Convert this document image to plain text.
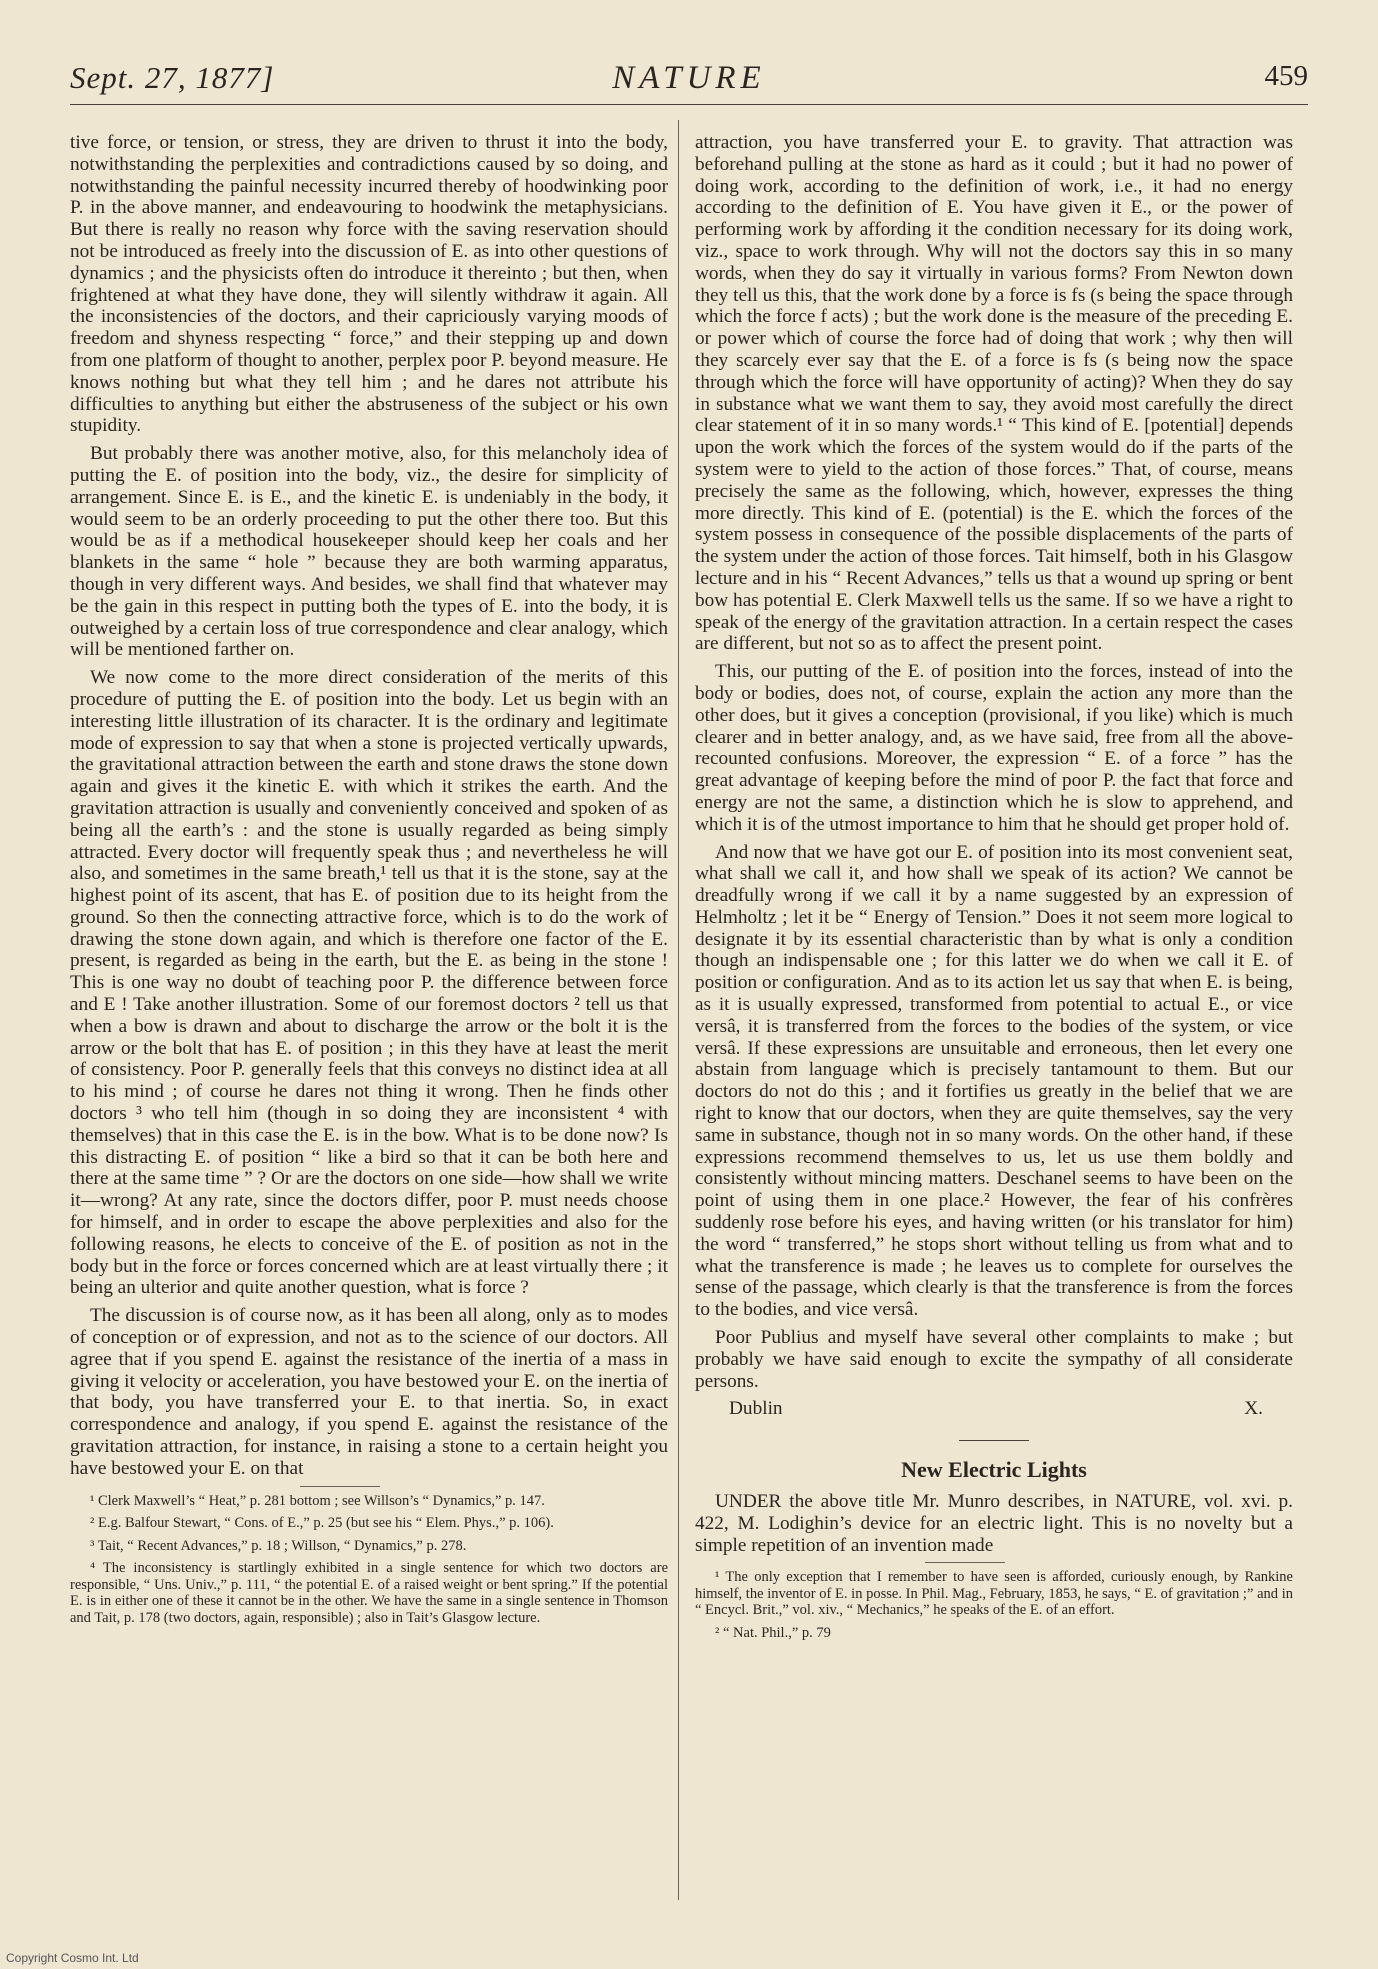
Sept. 27, 1877]	NATURE	459

tive force, or tension, or stress, they are driven to thrust it into the body, notwithstanding the perplexities and contradictions caused by so doing, and notwithstanding the painful necessity incurred thereby of hoodwinking poor P. in the above manner, and endeavouring to hoodwink the metaphysicians. But there is really no reason why force with the saving reservation should not be introduced as freely into the discussion of E. as into other questions of dynamics ; and the physicists often do introduce it thereinto ; but then, when frightened at what they have done, they will silently withdraw it again. All the inconsistencies of the doctors, and their capriciously varying moods of freedom and shyness respecting “ force,” and their stepping up and down from one platform of thought to another, perplex poor P. beyond measure. He knows nothing but what they tell him ; and he dares not attribute his difficulties to anything but either the abstruseness of the subject or his own stupidity.

But probably there was another motive, also, for this melancholy idea of putting the E. of position into the body, viz., the desire for simplicity of arrangement. Since E. is E., and the kinetic E. is undeniably in the body, it would seem to be an orderly proceeding to put the other there too. But this would be as if a methodical housekeeper should keep her coals and her blankets in the same “ hole ” because they are both warming apparatus, though in very different ways. And besides, we shall find that whatever may be the gain in this respect in putting both the types of E. into the body, it is outweighed by a certain loss of true correspondence and clear analogy, which will be mentioned farther on.

We now come to the more direct consideration of the merits of this procedure of putting the E. of position into the body. Let us begin with an interesting little illustration of its character. It is the ordinary and legitimate mode of expression to say that when a stone is projected vertically upwards, the gravitational attraction between the earth and stone draws the stone down again and gives it the kinetic E. with which it strikes the earth. And the gravitation attraction is usually and conveniently conceived and spoken of as being all the earth’s : and the stone is usually regarded as being simply attracted. Every doctor will frequently speak thus ; and nevertheless he will also, and sometimes in the same breath,¹ tell us that it is the stone, say at the highest point of its ascent, that has E. of position due to its height from the ground. So then the connecting attractive force, which is to do the work of drawing the stone down again, and which is therefore one factor of the E. present, is regarded as being in the earth, but the E. as being in the stone ! This is one way no doubt of teaching poor P. the difference between force and E ! Take another illustration. Some of our foremost doctors ² tell us that when a bow is drawn and about to discharge the arrow or the bolt it is the arrow or the bolt that has E. of position ; in this they have at least the merit of consistency. Poor P. generally feels that this conveys no distinct idea at all to his mind ; of course he dares not thing it wrong. Then he finds other doctors ³ who tell him (though in so doing they are inconsistent ⁴ with themselves) that in this case the E. is in the bow. What is to be done now? Is this distracting E. of position “ like a bird so that it can be both here and there at the same time ” ? Or are the doctors on one side—how shall we write it—wrong? At any rate, since the doctors differ, poor P. must needs choose for himself, and in order to escape the above perplexities and also for the following reasons, he elects to conceive of the E. of position as not in the body but in the force or forces concerned which are at least virtually there ; it being an ulterior and quite another question, what is force ?

The discussion is of course now, as it has been all along, only as to modes of conception or of expression, and not as to the science of our doctors. All agree that if you spend E. against the resistance of the inertia of a mass in giving it velocity or acceleration, you have bestowed your E. on the inertia of that body, you have transferred your E. to that inertia. So, in exact correspondence and analogy, if you spend E. against the resistance of the gravitation attraction, for instance, in raising a stone to a certain height you have bestowed your E. on that

¹ Clerk Maxwell’s “ Heat,” p. 281 bottom ; see Willson’s “ Dynamics,” p. 147.

² E.g. Balfour Stewart, “ Cons. of E.,” p. 25 (but see his “ Elem. Phys.,” p. 106).

³ Tait, “ Recent Advances,” p. 18 ; Willson, “ Dynamics,” p. 278.

⁴ The inconsistency is startlingly exhibited in a single sentence for which two doctors are responsible, “ Uns. Univ.,” p. 111, “ the potential E. of a raised weight or bent spring.” If the potential E. is in either one of these it cannot be in the other. We have the same in a single sentence in Thomson and Tait, p. 178 (two doctors, again, responsible) ; also in Tait’s Glasgow lecture.

attraction, you have transferred your E. to gravity. That attraction was beforehand pulling at the stone as hard as it could ; but it had no power of doing work, according to the definition of work, i.e., it had no energy according to the definition of E. You have given it E., or the power of performing work by affording it the condition necessary for its doing work, viz., space to work through. Why will not the doctors say this in so many words, when they do say it virtually in various forms? From Newton down they tell us this, that the work done by a force is fs (s being the space through which the force f acts) ; but the work done is the measure of the preceding E. or power which of course the force had of doing that work ; why then will they scarcely ever say that the E. of a force is fs (s being now the space through which the force will have opportunity of acting)? When they do say in substance what we want them to say, they avoid most carefully the direct clear statement of it in so many words.¹ “ This kind of E. [potential] depends upon the work which the forces of the system would do if the parts of the system were to yield to the action of those forces.” That, of course, means precisely the same as the following, which, however, expresses the thing more directly. This kind of E. (potential) is the E. which the forces of the system possess in consequence of the possible displacements of the parts of the system under the action of those forces. Tait himself, both in his Glasgow lecture and in his “ Recent Advances,” tells us that a wound up spring or bent bow has potential E. Clerk Maxwell tells us the same. If so we have a right to speak of the energy of the gravitation attraction. In a certain respect the cases are different, but not so as to affect the present point.

This, our putting of the E. of position into the forces, instead of into the body or bodies, does not, of course, explain the action any more than the other does, but it gives a conception (provisional, if you like) which is much clearer and in better analogy, and, as we have said, free from all the above-recounted confusions. Moreover, the expression “ E. of a force ” has the great advantage of keeping before the mind of poor P. the fact that force and energy are not the same, a distinction which he is slow to apprehend, and which it is of the utmost importance to him that he should get proper hold of.

And now that we have got our E. of position into its most convenient seat, what shall we call it, and how shall we speak of its action? We cannot be dreadfully wrong if we call it by a name suggested by an expression of Helmholtz ; let it be “ Energy of Tension.” Does it not seem more logical to designate it by its essential characteristic than by what is only a condition though an indispensable one ; for this latter we do when we call it E. of position or configuration. And as to its action let us say that when E. is being, as it is usually expressed, transformed from potential to actual E., or vice versâ, it is transferred from the forces to the bodies of the system, or vice versâ. If these expressions are unsuitable and erroneous, then let every one abstain from language which is precisely tantamount to them. But our doctors do not do this ; and it fortifies us greatly in the belief that we are right to know that our doctors, when they are quite themselves, say the very same in substance, though not in so many words. On the other hand, if these expressions recommend themselves to us, let us use them boldly and consistently without mincing matters. Deschanel seems to have been on the point of using them in one place.² However, the fear of his confrères suddenly rose before his eyes, and having written (or his translator for him) the word “ transferred,” he stops short without telling us from what and to what the transference is made ; he leaves us to complete for ourselves the sense of the passage, which clearly is that the transference is from the forces to the bodies, and vice versâ.

Poor Publius and myself have several other complaints to make ; but probably we have said enough to excite the sympathy of all considerate persons.

Dublin	X.
New Electric Lights

UNDER the above title Mr. Munro describes, in NATURE, vol. xvi. p. 422, M. Lodighin’s device for an electric light. This is no novelty but a simple repetition of an invention made

¹ The only exception that I remember to have seen is afforded, curiously enough, by Rankine himself, the inventor of E. in posse. In Phil. Mag., February, 1853, he says, “ E. of gravitation ;” and in “ Encycl. Brit.,” vol. xiv., “ Mechanics,” he speaks of the E. of an effort.

² “ Nat. Phil.,” p. 79

Copyright Cosmo Int. Ltd
